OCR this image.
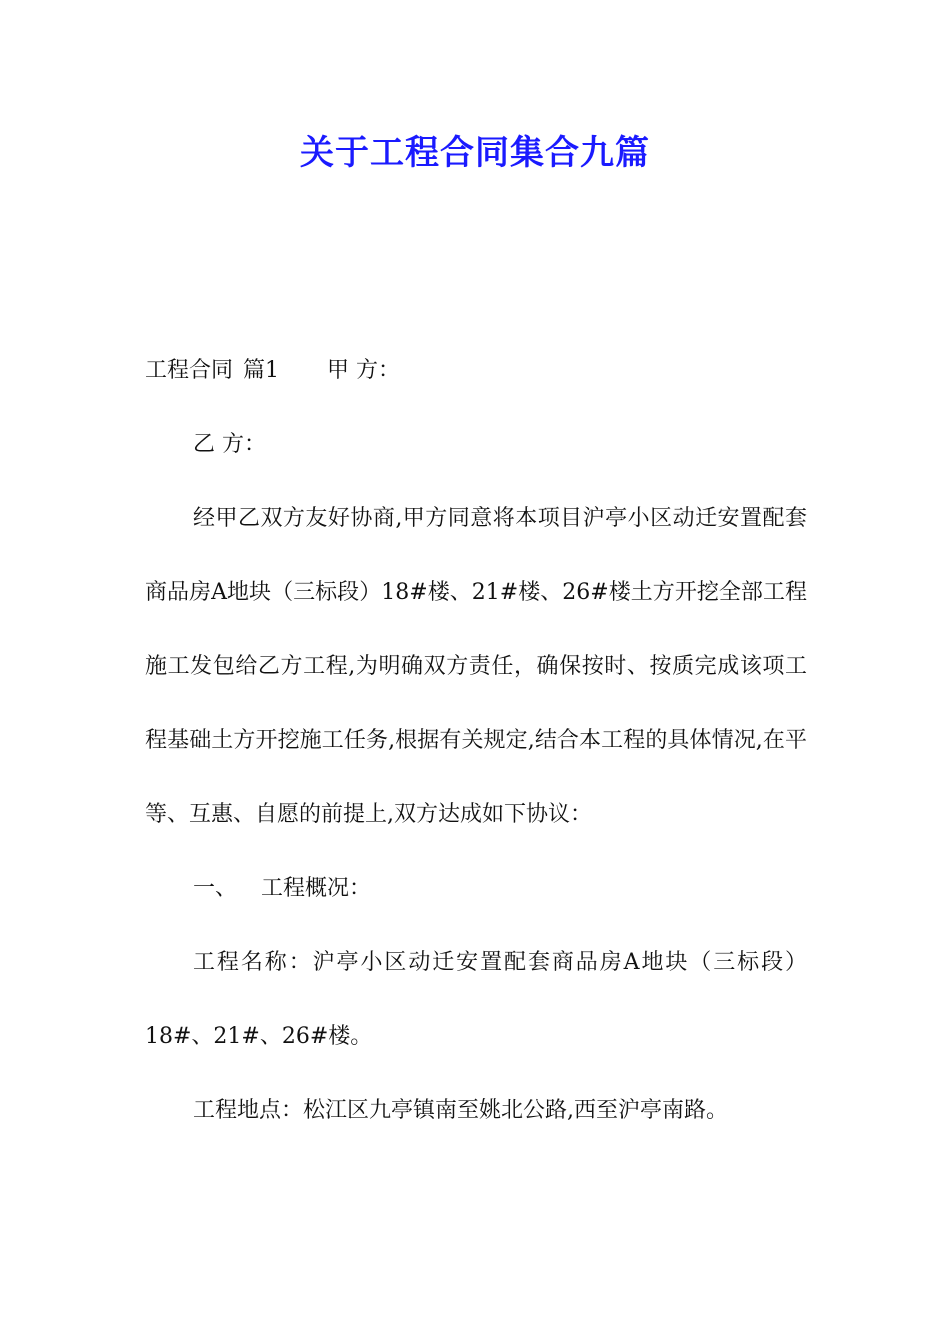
关于工程合同集合九篇

工程合同 篇1 甲 方：

乙 方：

经甲乙双方友好协商,甲方同意将本项目沪亭小区动迁安置配套商品房A地块（三标段）18#楼、21#楼、26#楼土方开挖全部工程施工发包给乙方工程,为明确双方责任，确保按时、按质完成该项工程基础土方开挖施工任务,根据有关规定,结合本工程的具体情况,在平等、互惠、自愿的前提上,双方达成如下协议：

一、 工程概况：

工程名称：沪亭小区动迁安置配套商品房A地块（三标段）18#、21#、26#楼。

工程地点：松江区九亭镇南至姚北公路,西至沪亭南路。
